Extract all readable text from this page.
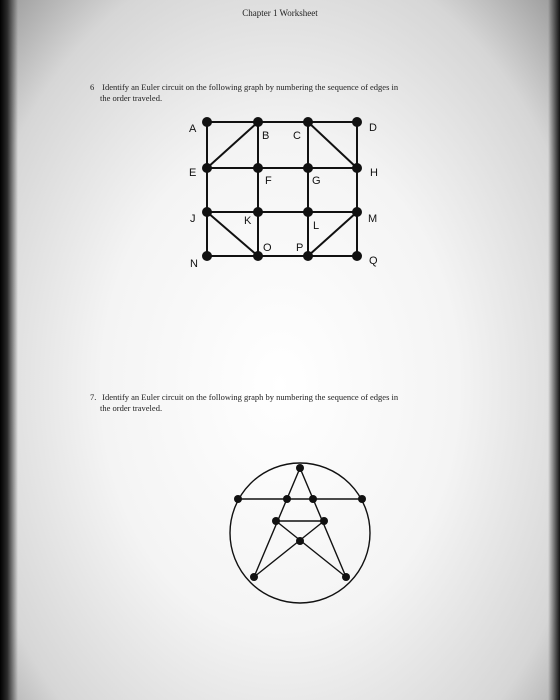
Chapter 1 Worksheet
6 Identify an Euler circuit on the following graph by numbering the sequence of edges in
the order traveled.
7. Identify an Euler circuit on the following graph by numbering the sequence of edges in
the order traveled.
A
B C
D
E
F	G
H
J	K	L
M
N
O P
Q
